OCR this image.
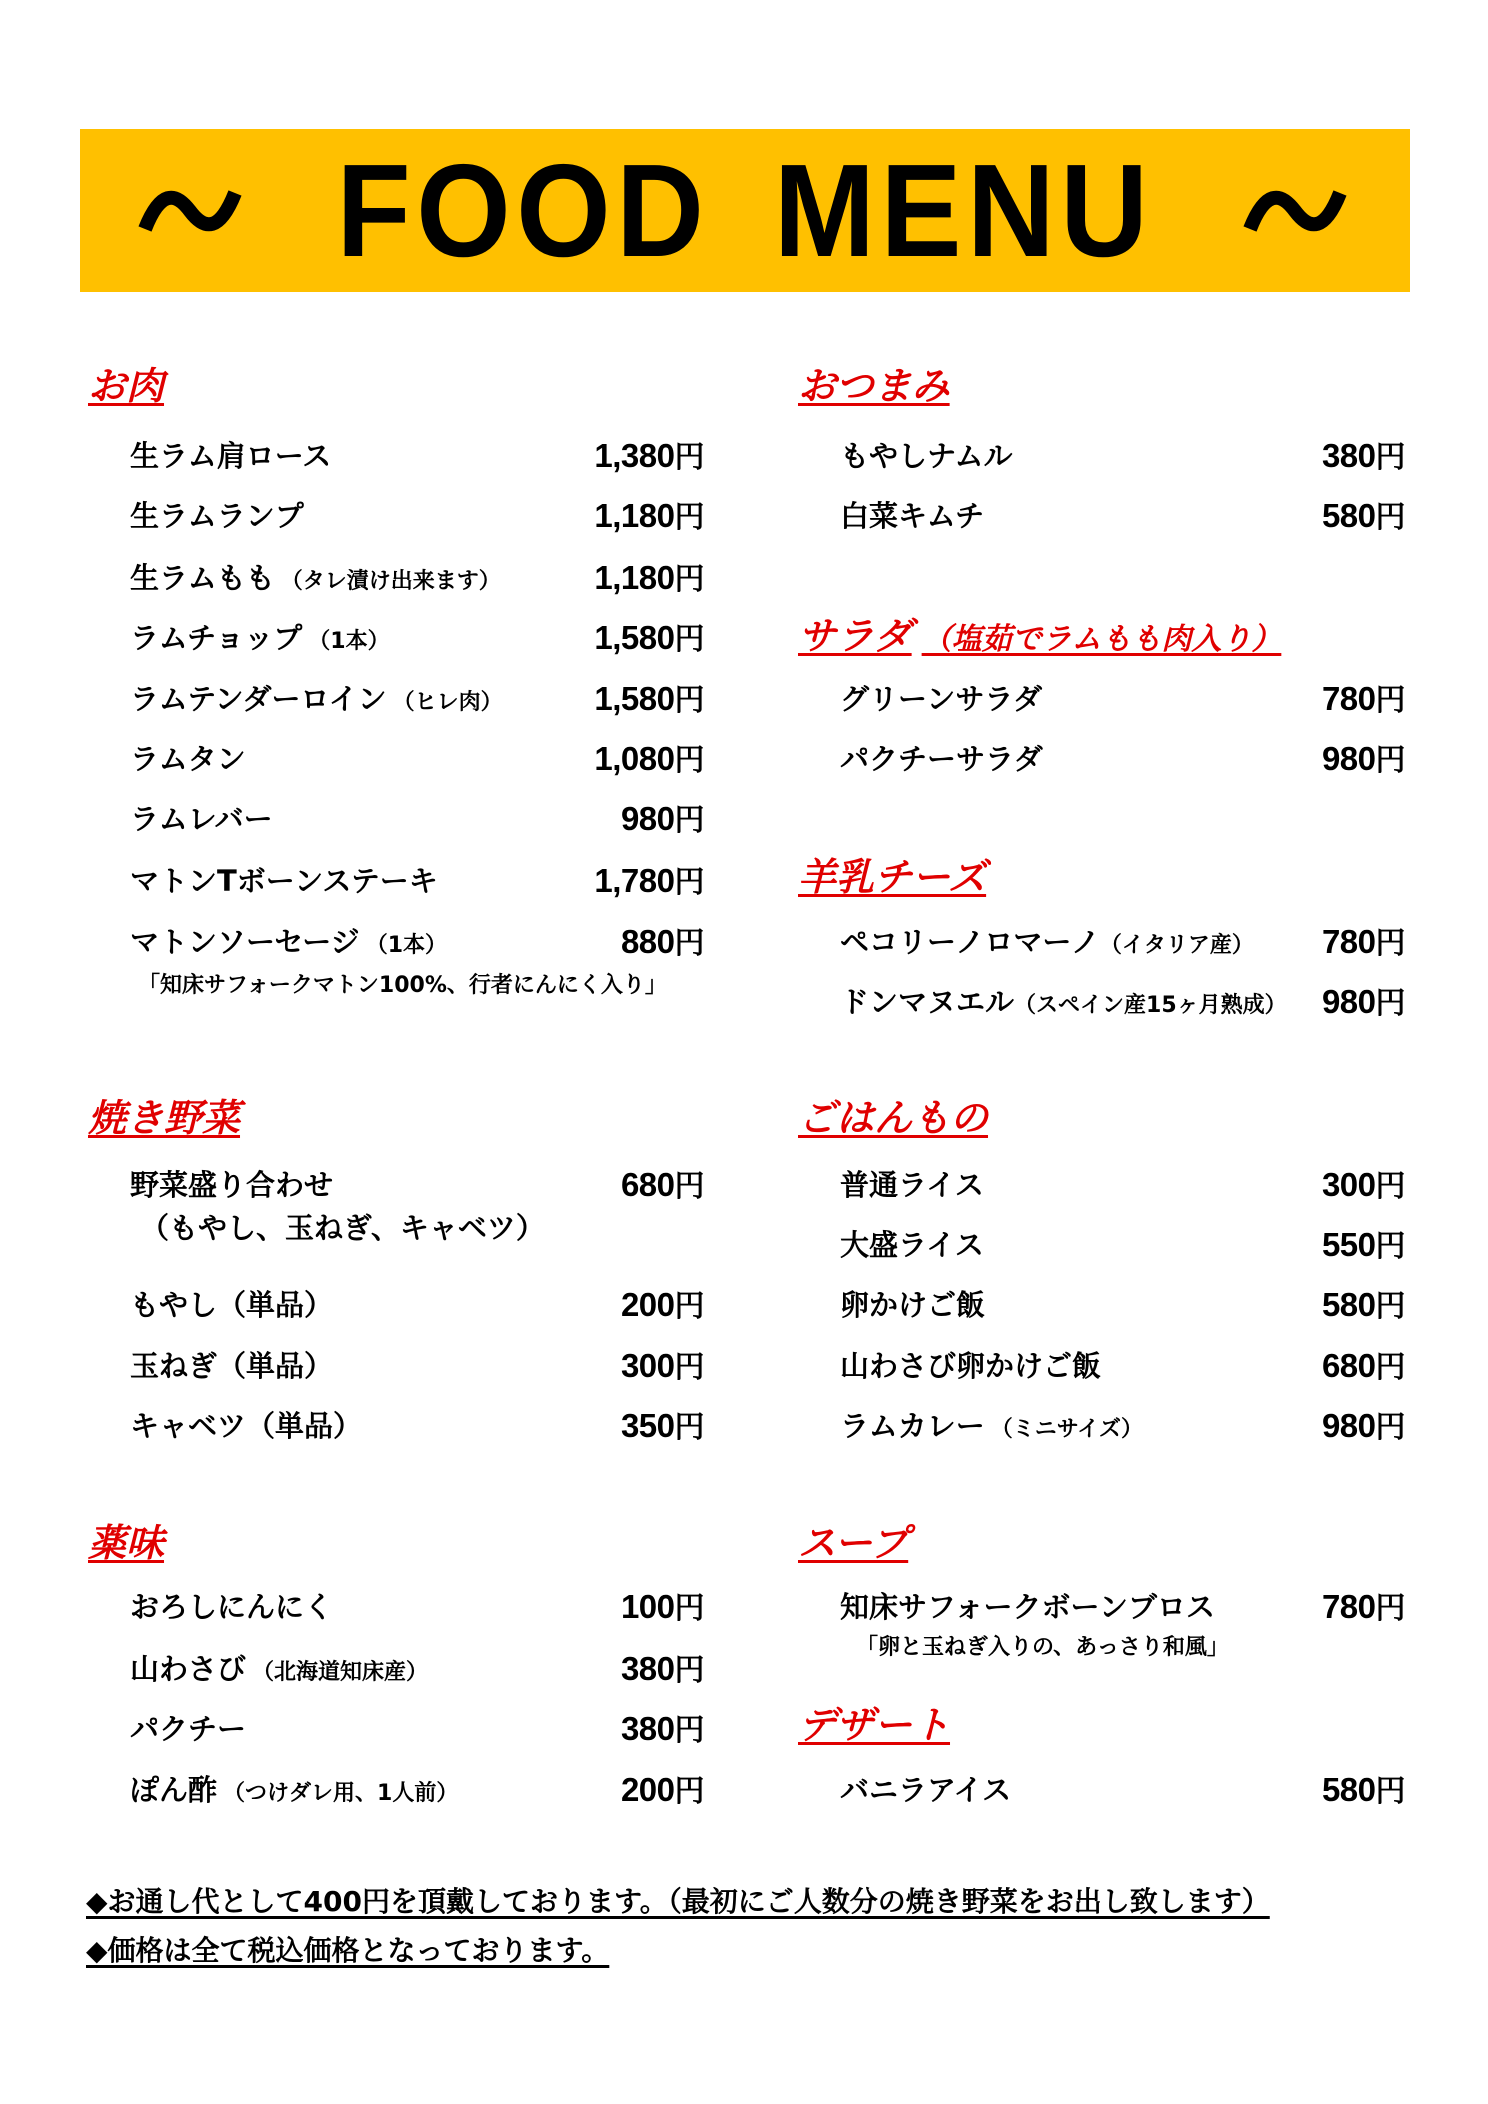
FOOD MENU
お肉
生ラム肩ロース	1,380円
生ラムランプ	1,180円
生ラムもも （タレ漬け出来ます）	1,180円
ラムチョップ （1本）	1,580円
ラムテンダーロイン （ヒレ肉）	1,580円
ラムタン	1,080円
ラムレバー	980円
マトンTボーンステーキ	1,780円
マトンソーセージ （1本）	880円
「知床サフォークマトン100%、行者にんにく入り」
焼き野菜
野菜盛り合わせ	680円
（もやし、玉ねぎ、キャベツ）
もやし（単品）	200円
玉ねぎ（単品）	300円
キャベツ（単品）	350円
薬味
おろしにんにく	100円
山わさび （北海道知床産）	380円
パクチー	380円
ぽん酢 （つけダレ用、1人前）	200円
おつまみ
もやしナムル	380円
白菜キムチ	580円
サラダ （塩茹でラムもも肉入り）
グリーンサラダ	780円
パクチーサラダ	980円
羊乳チーズ
ペコリーノロマーノ（イタリア産） 780円
ドンマヌエル（スペイン産15ヶ月熟成） 980円
ごはんもの
普通ライス	300円
大盛ライス	550円
卵かけご飯	580円
山わさび卵かけご飯	680円
ラムカレー （ミニサイズ）	980円
スープ
知床サフォークボーンブロス	780円
「卵と玉ねぎ入りの、あっさり和風」
デザート
バニラアイス	580円
◆お通し代として400円を頂戴しております。（最初にご人数分の焼き野菜をお出し致します）
◆価格は全て税込価格となっております。
